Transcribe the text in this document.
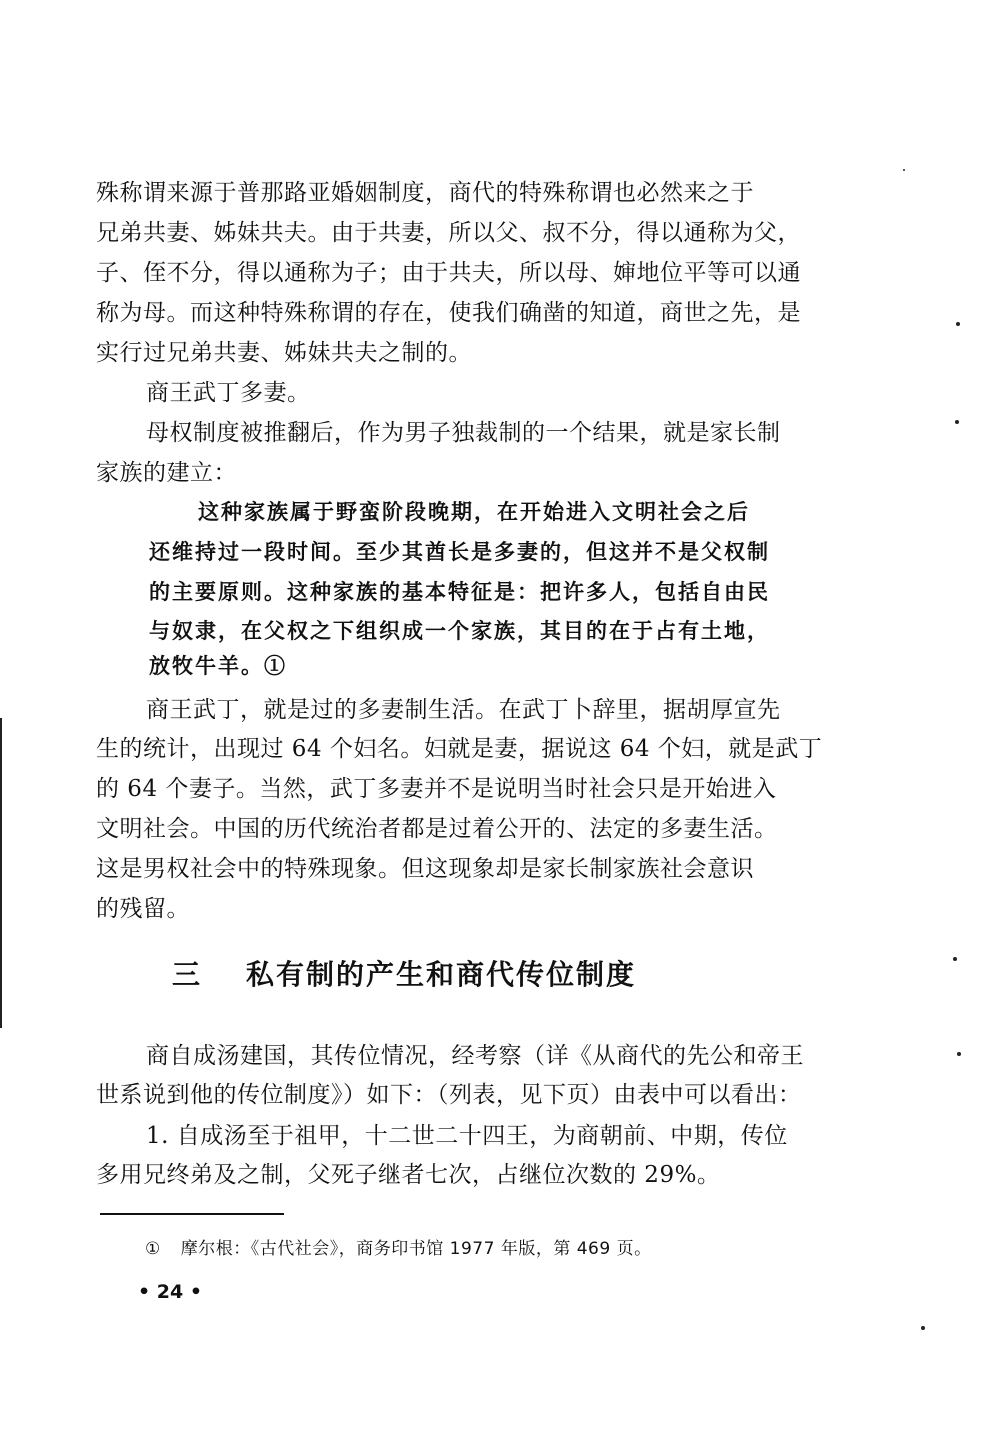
殊称谓来源于普那路亚婚姻制度，商代的特殊称谓也必然来之于
兄弟共妻、姊妹共夫。由于共妻，所以父、叔不分，得以通称为父，
子、侄不分，得以通称为子；由于共夫，所以母、婶地位平等可以通
称为母。而这种特殊称谓的存在，使我们确凿的知道，商世之先，是
实行过兄弟共妻、姊妹共夫之制的。
商王武丁多妻。
母权制度被推翻后，作为男子独裁制的一个结果，就是家长制
家族的建立：
这种家族属于野蛮阶段晚期，在开始进入文明社会之后
还维持过一段时间。至少其酋长是多妻的，但这并不是父权制
的主要原则。这种家族的基本特征是：把许多人，包括自由民
与奴隶，在父权之下组织成一个家族，其目的在于占有土地，
放牧牛羊。①
商王武丁，就是过的多妻制生活。在武丁卜辞里，据胡厚宣先
生的统计，出现过 64 个妇名。妇就是妻，据说这 64 个妇，就是武丁
的 64 个妻子。当然，武丁多妻并不是说明当时社会只是开始进入
文明社会。中国的历代统治者都是过着公开的、法定的多妻生活。
这是男权社会中的特殊现象。但这现象却是家长制家族社会意识
的残留。
三 私有制的产生和商代传位制度
商自成汤建国，其传位情况，经考察（详《从商代的先公和帝王
世系说到他的传位制度》）如下：（列表，见下页）由表中可以看出：
1. 自成汤至于祖甲，十二世二十四王，为商朝前、中期，传位
多用兄终弟及之制，父死子继者七次，占继位次数的 29%。
① 摩尔根：《古代社会》，商务印书馆 1977 年版，第 469 页。
• 24 •
